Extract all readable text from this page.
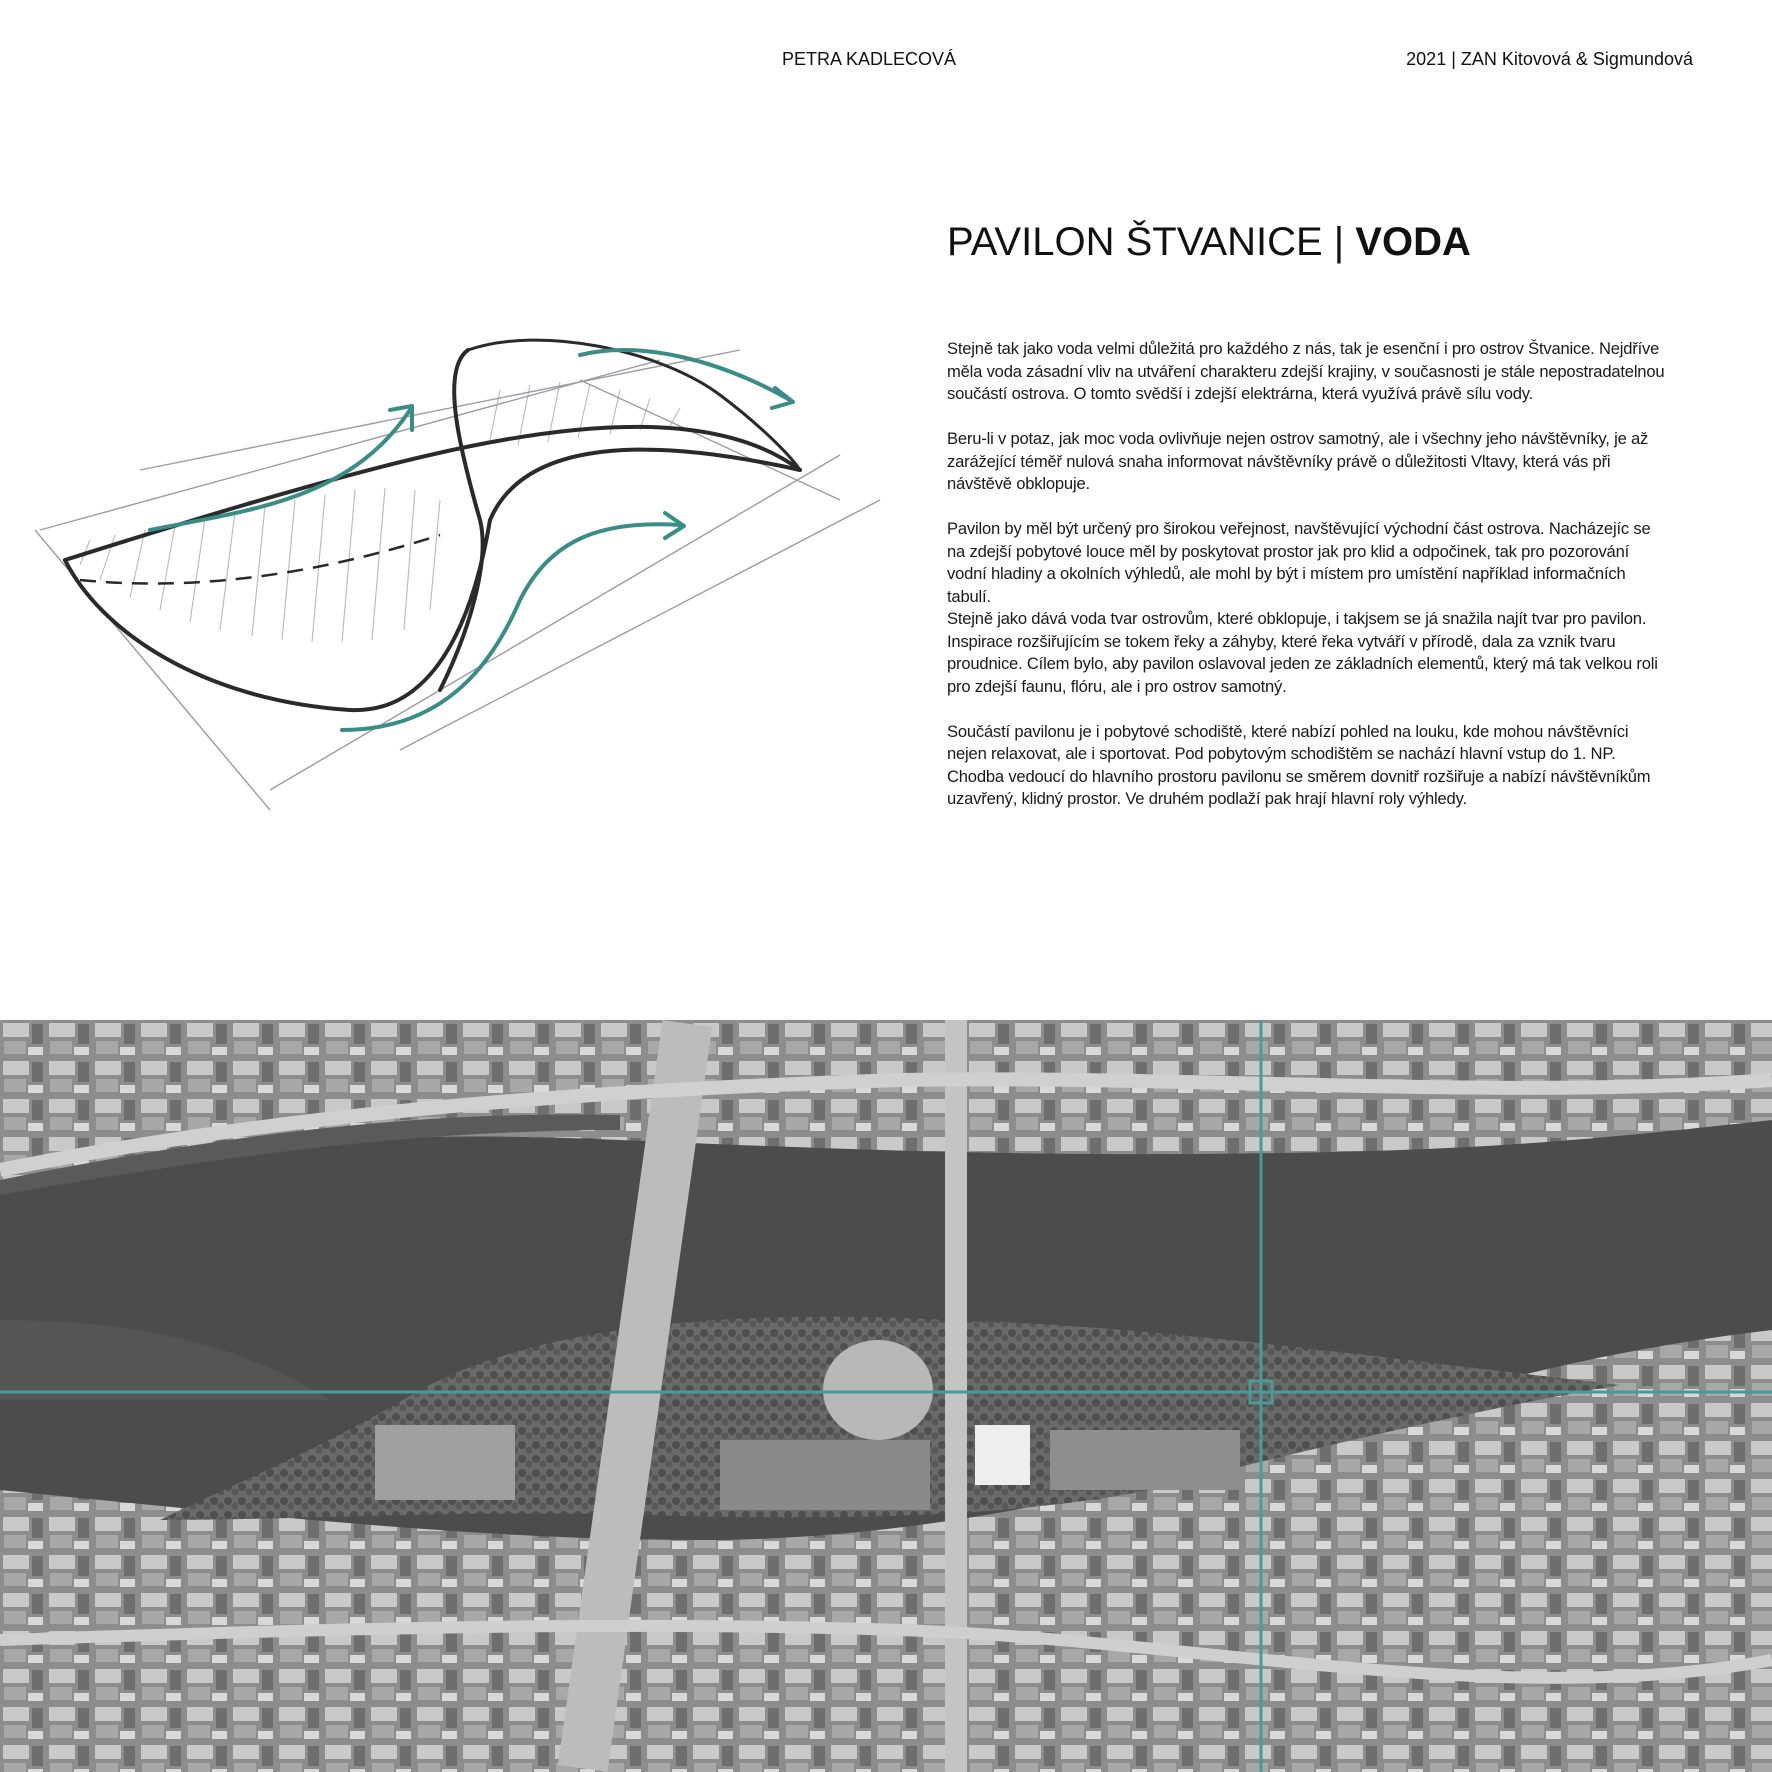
PETRA KADLECOVÁ	2021 | ZAN Kitovová & Sigmundová
PAVILON ŠTVANICE | VODA

Stejně tak jako voda velmi důležitá pro každého z nás, tak je esenční i pro ostrov Štvanice. Nejdříve měla voda zásadní vliv na utváření charakteru zdejší krajiny, v současnosti je stále nepostradatelnou součástí ostrova. O tomto svědší i zdejší elektrárna, která využívá právě sílu vody.

Beru-li v potaz, jak moc voda ovlivňuje nejen ostrov samotný, ale i všechny jeho návštěvníky, je až zarážející téměř nulová snaha informovat návštěvníky právě o důležitosti Vltavy, která vás při návštěvě obklopuje.

Pavilon by měl být určený pro širokou veřejnost, navštěvující východní část ostrova. Nacházejíc se na zdejší pobytové louce měl by poskytovat prostor jak pro klid a odpočinek, tak pro pozorování vodní hladiny a okolních výhledů, ale mohl by být i místem pro umístění například informačních tabulí.

Stejně jako dává voda tvar ostrovům, které obklopuje, i takjsem se já snažila najít tvar pro pavilon. Inspirace rozšiřujícím se tokem řeky a záhyby, které řeka vytváří v přírodě, dala za vznik tvaru proudnice. Cílem bylo, aby pavilon oslavoval jeden ze základních elementů, který má tak velkou roli pro zdejší faunu, flóru, ale i pro ostrov samotný.

Součástí pavilonu je i pobytové schodiště, které nabízí pohled na louku, kde mohou návštěvníci nejen relaxovat, ale i sportovat. Pod pobytovým schodištěm se nachází hlavní vstup do 1. NP. Chodba vedoucí do hlavního prostoru pavilonu se směrem dovnitř rozšiřuje a nabízí návštěvníkům uzavřený, klidný prostor. Ve druhém podlaží pak hrají hlavní roly výhledy.
